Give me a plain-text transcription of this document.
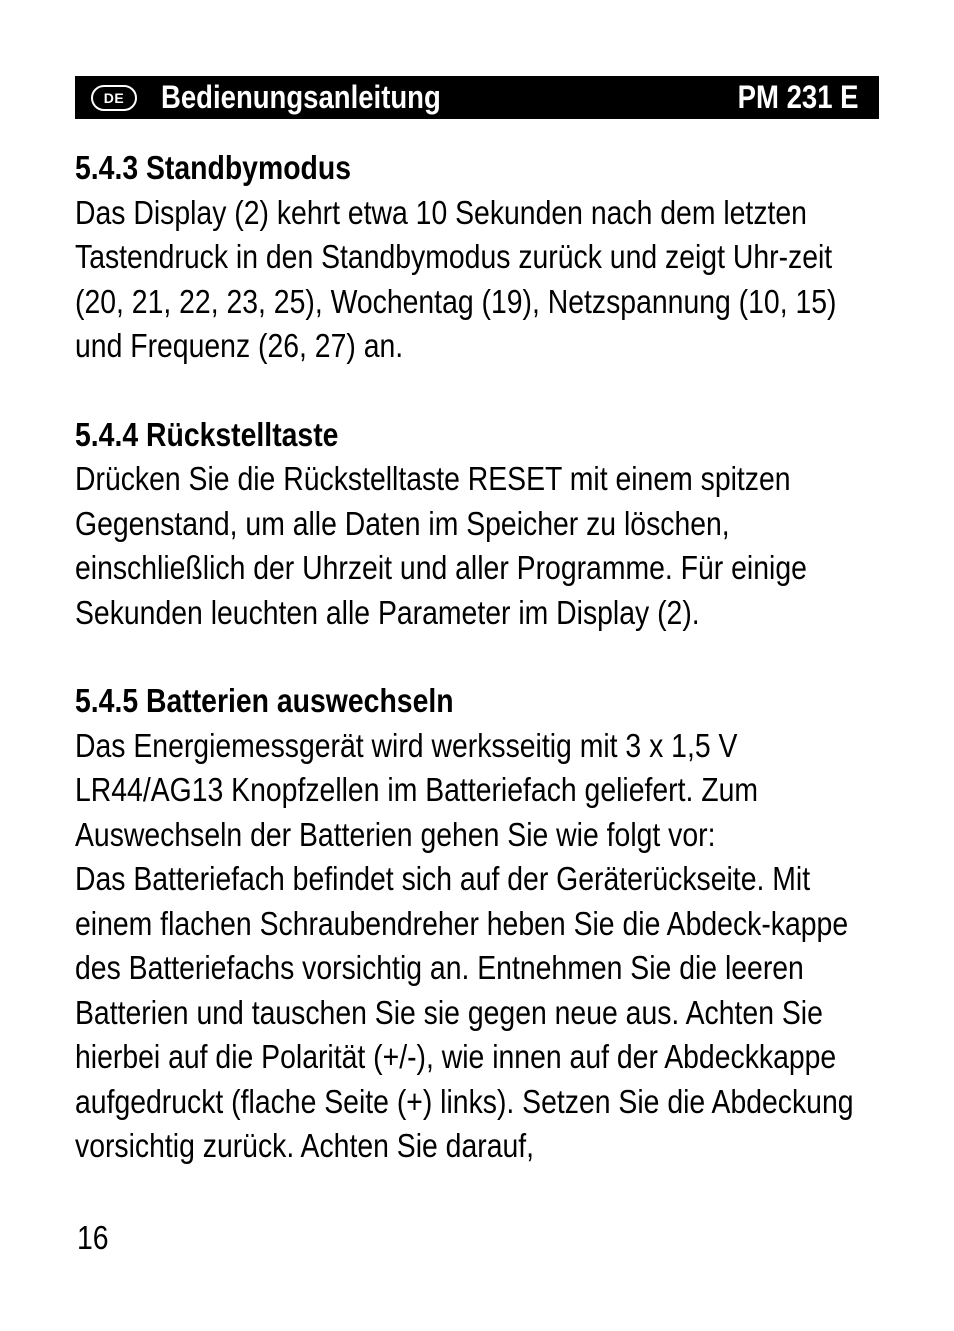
DE	Bedienungsanleitung	PM 231 E

5.4.3 Standbymodus

Das Display (2) kehrt etwa 10 Sekunden nach dem letzten Tastendruck in den Standbymodus zurück und zeigt Uhr-zeit (20, 21, 22, 23, 25), Wochentag (19), Netzspannung (10, 15) und Frequenz (26, 27) an.

5.4.4 Rückstelltaste

Drücken Sie die Rückstelltaste RESET mit einem spitzen Gegenstand, um alle Daten im Speicher zu löschen, einschließlich der Uhrzeit und aller Programme. Für einige Sekunden leuchten alle Parameter im Display (2).

5.4.5 Batterien auswechseln

Das Energiemessgerät wird werksseitig mit 3 x 1,5 V LR44/AG13 Knopfzellen im Batteriefach geliefert. Zum Auswechseln der Batterien gehen Sie wie folgt vor:

Das Batteriefach befindet sich auf der Geräterückseite. Mit einem flachen Schraubendreher heben Sie die Abdeck-kappe des Batteriefachs vorsichtig an. Entnehmen Sie die leeren Batterien und tauschen Sie sie gegen neue aus. Achten Sie hierbei auf die Polarität (+/-), wie innen auf der Abdeckkappe aufgedruckt (flache Seite (+) links). Setzen Sie die Abdeckung vorsichtig zurück. Achten Sie darauf,

16
